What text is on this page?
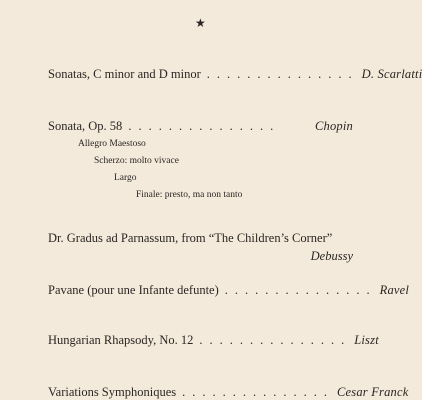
★
Sonatas, C minor and D minor ............... D. Scarlatti
Sonata, Op. 58 ...............	Chopin
Allegro Maestoso
Scherzo: molto vivace
Largo
Finale: presto, ma non tanto
Dr. Gradus ad Parnassum, from “The Children’s Corner”
Debussy
Pavane (pour une Infante defunte) ............... Ravel
Hungarian Rhapsody, No. 12 ............... Liszt
Variations Symphoniques ............... Cesar Franck
